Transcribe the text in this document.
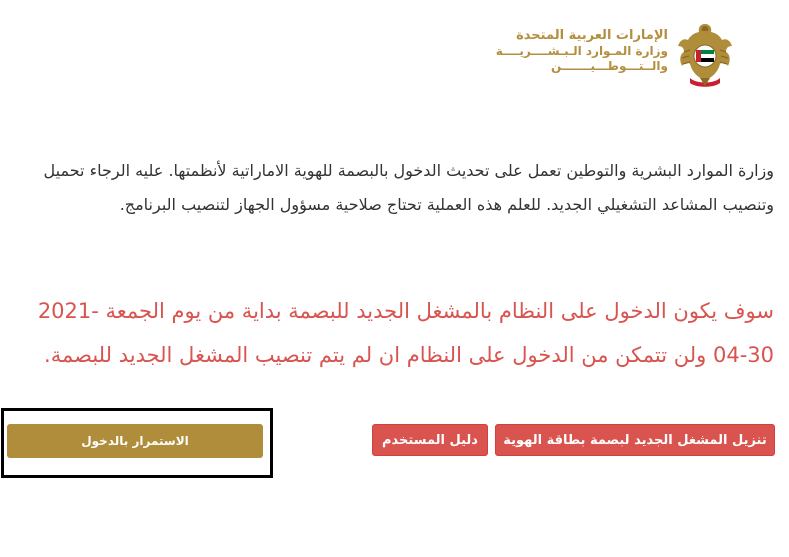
الإمارات العربية المتحدة
وزارة المـوارد الـبـشــــريــــة
والــتـــوطـــيـــــــن

وزارة الموارد البشرية والتوطين تعمل على تحديث الدخول بالبصمة للهوية الاماراتية لأنظمتها. عليه الرجاء تحميل وتنصيب المشاعد التشغيلي الجديد. للعلم هذه العملية تحتاج صلاحية مسؤول الجهاز لتنصيب البرنامج.

سوف يكون الدخول على النظام بالمشغل الجديد للبصمة بداية من يوم الجمعة 2021-04-30 ولن تتمكن من الدخول على النظام ان لم يتم تنصيب المشغل الجديد للبصمة.

تنزيل المشغل الجديد لبصمة بطاقة الهوية
دليل المستخدم
الاستمرار بالدخول
